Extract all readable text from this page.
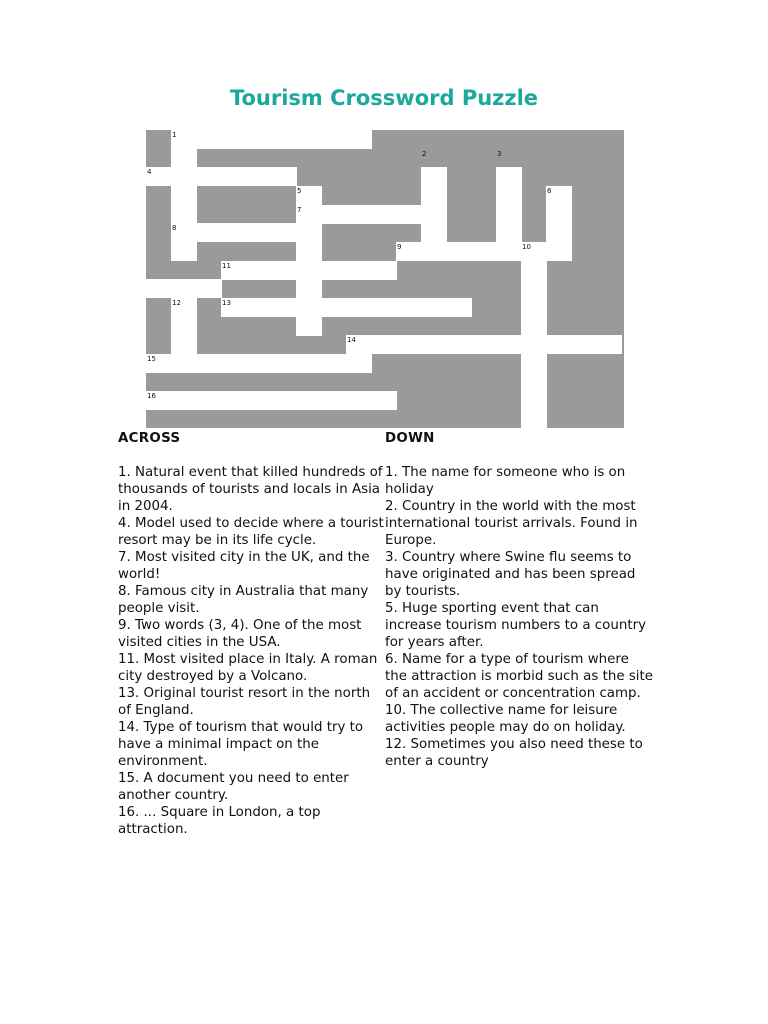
Tourism Crossword Puzzle
1
2	3
4
5	6
7
8
9	10
11
12	13
14
15
16
ACROSS

1. Natural event that killed hundreds of thousands of tourists and locals in Asia in 2004.

4. Model used to decide where a tourist resort may be in its life cycle.

7. Most visited city in the UK, and the world!

8. Famous city in Australia that many people visit.

9. Two words (3, 4). One of the most visited cities in the USA.

11. Most visited place in Italy. A roman city destroyed by a Volcano.

13. Original tourist resort in the north of England.

14. Type of tourism that would try to have a minimal impact on the environment.

15. A document you need to enter another country.

16. ... Square in London, a top attraction.

DOWN

1. The name for someone who is on holiday

2. Country in the world with the most international tourist arrivals. Found in Europe.

3. Country where Swine flu seems to have originated and has been spread by tourists.

5. Huge sporting event that can increase tourism numbers to a country for years after.

6. Name for a type of tourism where the attraction is morbid such as the site of an accident or concentration camp.

10. The collective name for leisure activities people may do on holiday.

12. Sometimes you also need these to enter a country
